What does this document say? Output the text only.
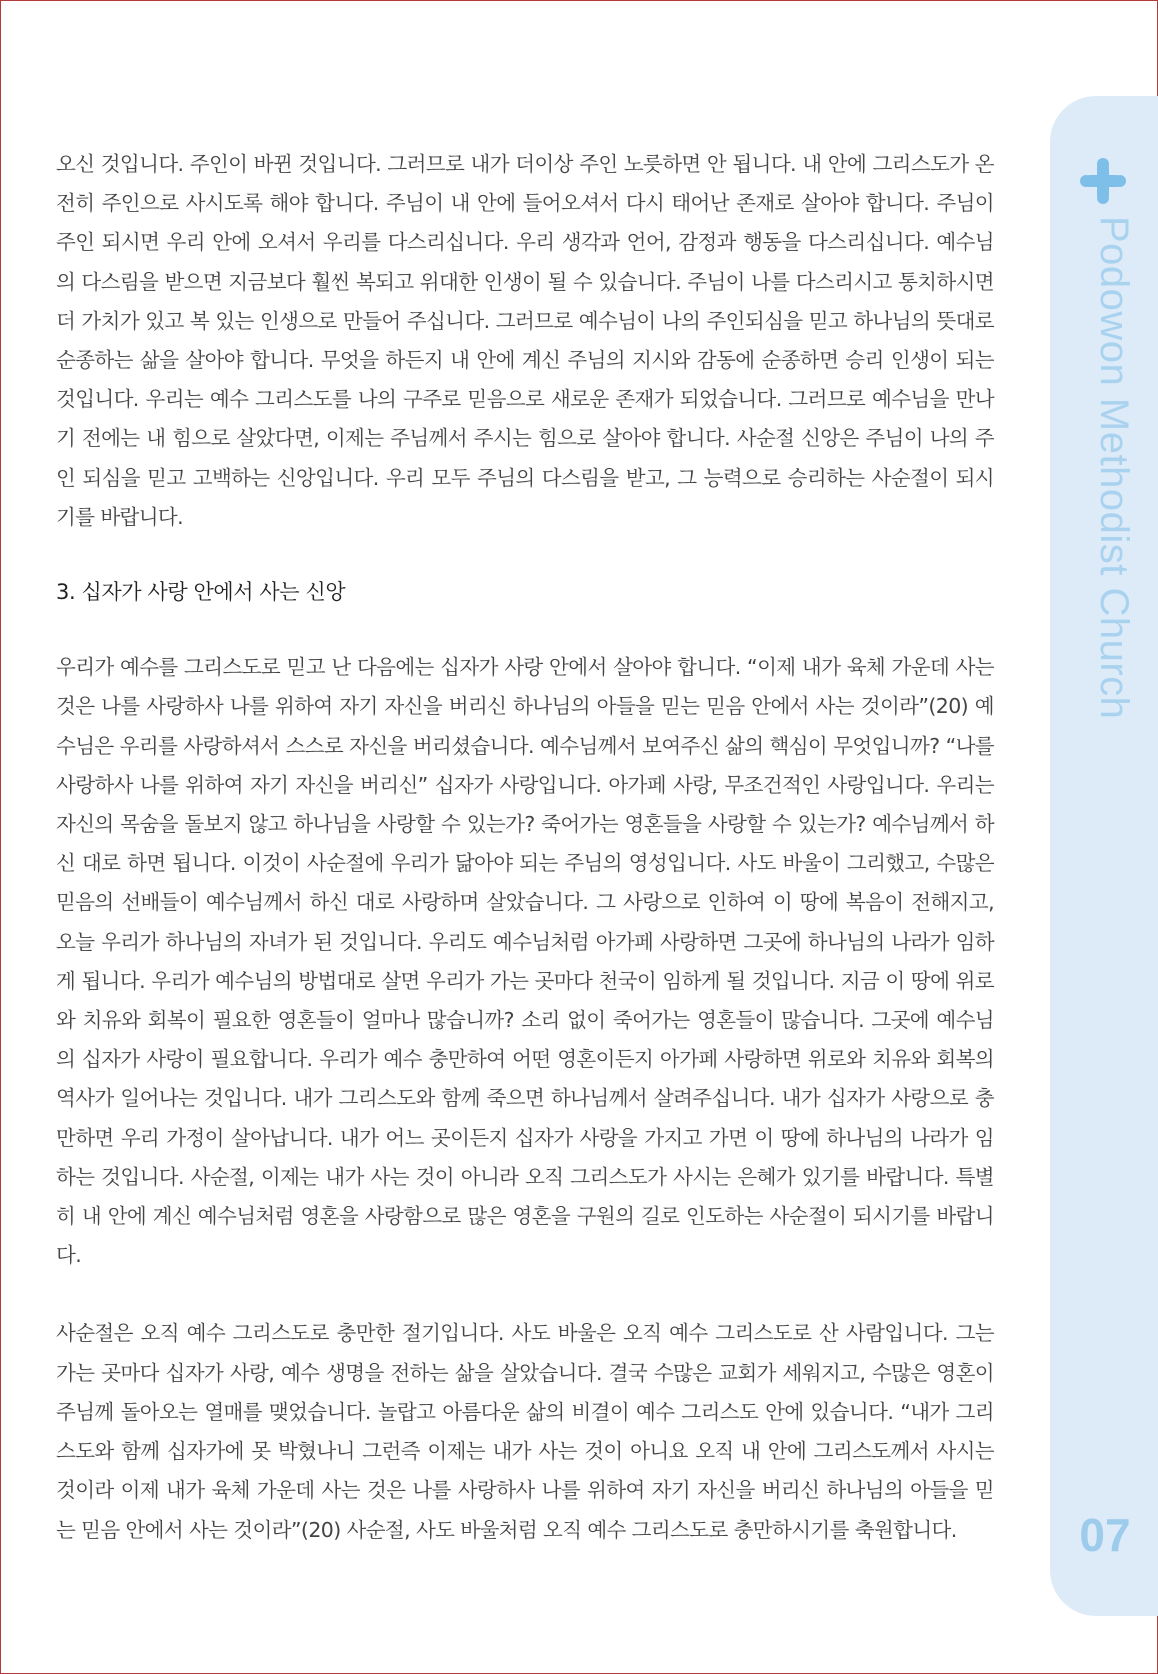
오신 것입니다. 주인이 바뀐 것입니다. 그러므로 내가 더이상 주인 노릇하면 안 됩니다. 내 안에 그리스도가 온전히 주인으로 사시도록 해야 합니다. 주님이 내 안에 들어오셔서 다시 태어난 존재로 살아야 합니다. 주님이 주인 되시면 우리 안에 오셔서 우리를 다스리십니다. 우리 생각과 언어, 감정과 행동을 다스리십니다. 예수님의 다스림을 받으면 지금보다 훨씬 복되고 위대한 인생이 될 수 있습니다. 주님이 나를 다스리시고 통치하시면 더 가치가 있고 복 있는 인생으로 만들어 주십니다. 그러므로 예수님이 나의 주인되심을 믿고 하나님의 뜻대로 순종하는 삶을 살아야 합니다. 무엇을 하든지 내 안에 계신 주님의 지시와 감동에 순종하면 승리 인생이 되는 것입니다. 우리는 예수 그리스도를 나의 구주로 믿음으로 새로운 존재가 되었습니다. 그러므로 예수님을 만나기 전에는 내 힘으로 살았다면, 이제는 주님께서 주시는 힘으로 살아야 합니다. 사순절 신앙은 주님이 나의 주인 되심을 믿고 고백하는 신앙입니다. 우리 모두 주님의 다스림을 받고, 그 능력으로 승리하는 사순절이 되시기를 바랍니다.

3. 십자가 사랑 안에서 사는 신앙

우리가 예수를 그리스도로 믿고 난 다음에는 십자가 사랑 안에서 살아야 합니다. “이제 내가 육체 가운데 사는 것은 나를 사랑하사 나를 위하여 자기 자신을 버리신 하나님의 아들을 믿는 믿음 안에서 사는 것이라”(20) 예수님은 우리를 사랑하셔서 스스로 자신을 버리셨습니다. 예수님께서 보여주신 삶의 핵심이 무엇입니까? “나를 사랑하사 나를 위하여 자기 자신을 버리신” 십자가 사랑입니다. 아가페 사랑, 무조건적인 사랑입니다. 우리는 자신의 목숨을 돌보지 않고 하나님을 사랑할 수 있는가? 죽어가는 영혼들을 사랑할 수 있는가? 예수님께서 하신 대로 하면 됩니다. 이것이 사순절에 우리가 닮아야 되는 주님의 영성입니다. 사도 바울이 그리했고, 수많은 믿음의 선배들이 예수님께서 하신 대로 사랑하며 살았습니다. 그 사랑으로 인하여 이 땅에 복음이 전해지고, 오늘 우리가 하나님의 자녀가 된 것입니다. 우리도 예수님처럼 아가페 사랑하면 그곳에 하나님의 나라가 임하게 됩니다. 우리가 예수님의 방법대로 살면 우리가 가는 곳마다 천국이 임하게 될 것입니다. 지금 이 땅에 위로와 치유와 회복이 필요한 영혼들이 얼마나 많습니까? 소리 없이 죽어가는 영혼들이 많습니다. 그곳에 예수님의 십자가 사랑이 필요합니다. 우리가 예수 충만하여 어떤 영혼이든지 아가페 사랑하면 위로와 치유와 회복의 역사가 일어나는 것입니다. 내가 그리스도와 함께 죽으면 하나님께서 살려주십니다. 내가 십자가 사랑으로 충만하면 우리 가정이 살아납니다. 내가 어느 곳이든지 십자가 사랑을 가지고 가면 이 땅에 하나님의 나라가 임하는 것입니다. 사순절, 이제는 내가 사는 것이 아니라 오직 그리스도가 사시는 은혜가 있기를 바랍니다. 특별히 내 안에 계신 예수님처럼 영혼을 사랑함으로 많은 영혼을 구원의 길로 인도하는 사순절이 되시기를 바랍니다.

사순절은 오직 예수 그리스도로 충만한 절기입니다. 사도 바울은 오직 예수 그리스도로 산 사람입니다. 그는 가는 곳마다 십자가 사랑, 예수 생명을 전하는 삶을 살았습니다. 결국 수많은 교회가 세워지고, 수많은 영혼이 주님께 돌아오는 열매를 맺었습니다. 놀랍고 아름다운 삶의 비결이 예수 그리스도 안에 있습니다. “내가 그리스도와 함께 십자가에 못 박혔나니 그런즉 이제는 내가 사는 것이 아니요 오직 내 안에 그리스도께서 사시는 것이라 이제 내가 육체 가운데 사는 것은 나를 사랑하사 나를 위하여 자기 자신을 버리신 하나님의 아들을 믿는 믿음 안에서 사는 것이라”(20) 사순절, 사도 바울처럼 오직 예수 그리스도로 충만하시기를 축원합니다.

Podowon Methodist Church
07
